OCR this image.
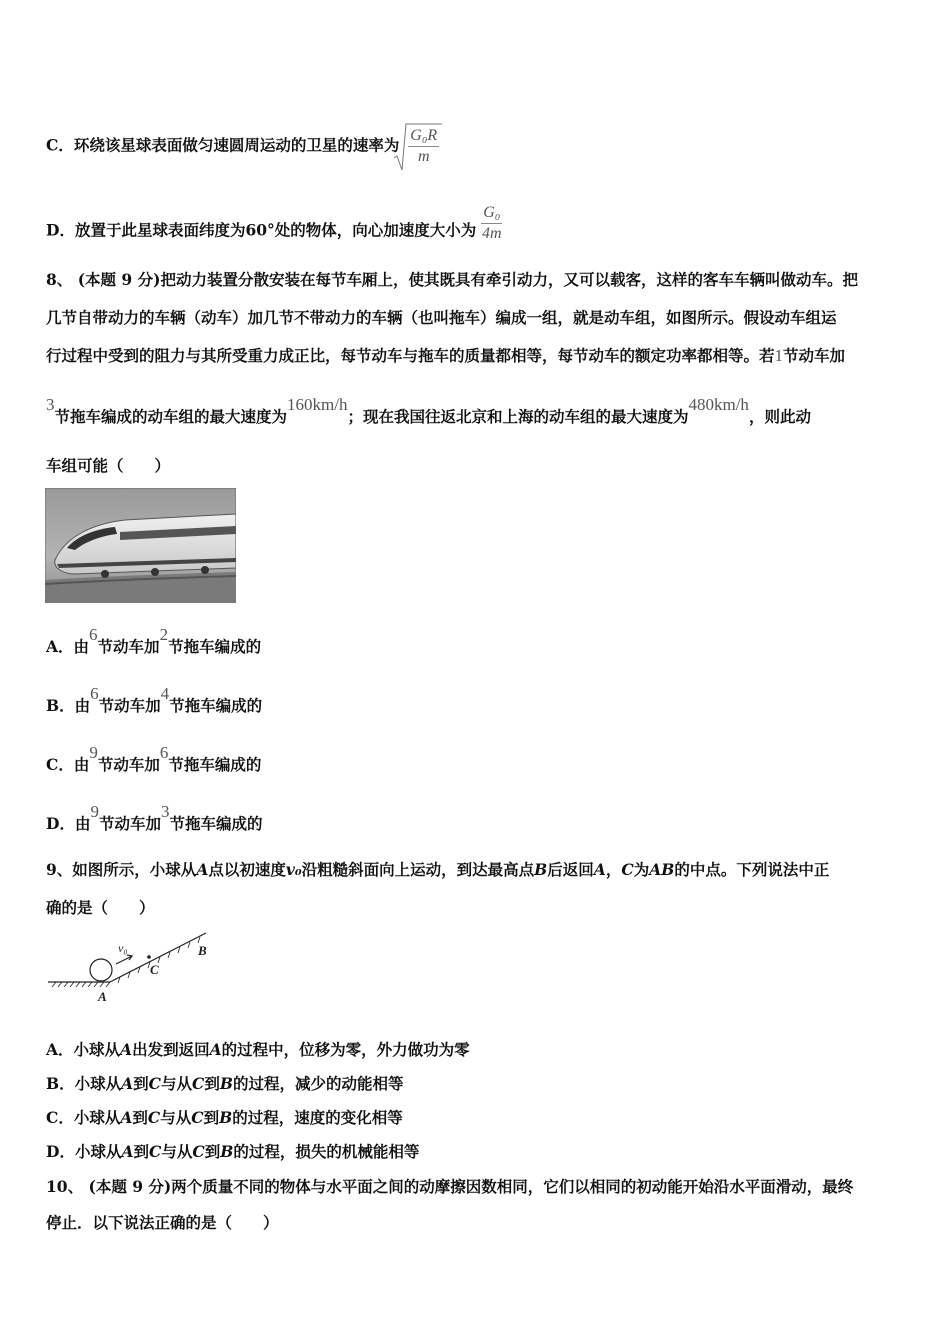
C．环绕该星球表面做匀速圆周运动的卫星的速率为 $\frac{\text{G₀R}}{m}$
D．放置于此星球表面纬度为60°处的物体，向心加速度大小为 $\frac{\text{G₀}}{4m}$
8、 (本题 9 分)把动力装置分散安装在每节车厢上，使其既具有牵引动力，又可以载客，这样的客车车辆叫做动车。把
几节自带动力的车辆（动车）加几节不带动力的车辆（也叫拖车）编成一组，就是动车组，如图所示。假设动车组运
行过程中受到的阻力与其所受重力成正比，每节动车与拖车的质量都相等，每节动车的额定功率都相等。若1节动车加
3节拖车编成的动车组的最大速度为160km/h；现在我国往返北京和上海的动车组的最大速度为480km/h，则此动
车组可能（　　）
A．由6节动车加2节拖车编成的
B．由6节动车加4节拖车编成的
C．由9节动车加6节拖车编成的
D．由9节动车加3节拖车编成的
9、如图所示，小球从A点以初速度v₀沿粗糙斜面向上运动，到达最高点B后返回A，C为AB的中点。下列说法中正
确的是（　　）
v₀
C
B
A
A．小球从A出发到返回A的过程中，位移为零，外力做功为零
B．小球从A到C与从C到B的过程，减少的动能相等
C．小球从A到C与从C到B的过程，速度的变化相等
D．小球从A到C与从C到B的过程，损失的机械能相等
10、 (本题 9 分)两个质量不同的物体与水平面之间的动摩擦因数相同，它们以相同的初动能开始沿水平面滑动，最终
停止．以下说法正确的是（　　）
